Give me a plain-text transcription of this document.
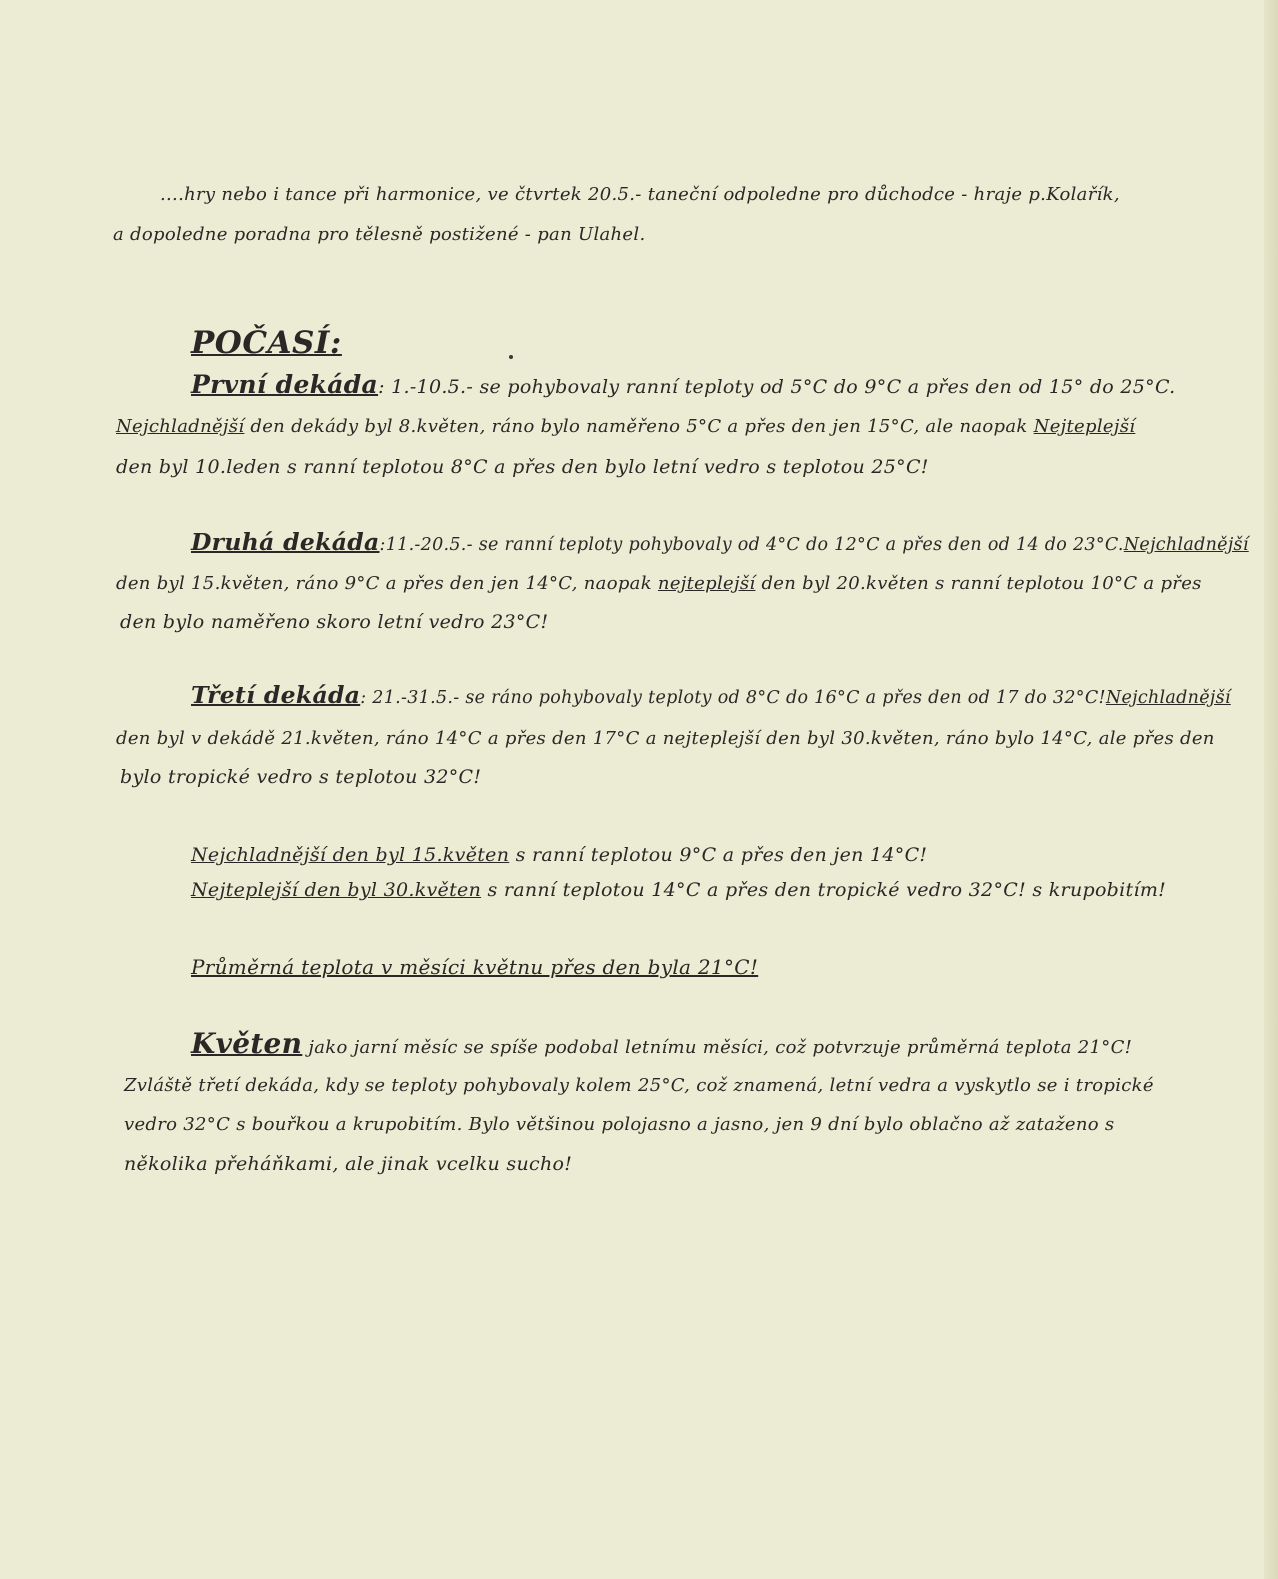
....hry nebo i tance při harmonice, ve čtvrtek 20.5.- taneční odpoledne pro důchodce - hraje p.Kolařík,
a dopoledne poradna pro tělesně postižené - pan Ulahel.
POČASÍ:
První dekáda: 1.-10.5.- se pohybovaly ranní teploty od 5°C do 9°C a přes den od 15° do 25°C.
Nejchladnější den dekády byl 8.květen, ráno bylo naměřeno 5°C a přes den jen 15°C, ale naopak Nejteplejší
den byl 10.leden s ranní teplotou 8°C a přes den bylo letní vedro s teplotou 25°C!
Druhá dekáda:11.-20.5.- se ranní teploty pohybovaly od 4°C do 12°C a přes den od 14 do 23°C.Nejchladnější
den byl 15.květen, ráno 9°C a přes den jen 14°C, naopak nejteplejší den byl 20.květen s ranní teplotou 10°C a přes
den bylo naměřeno skoro letní vedro 23°C!
Třetí dekáda: 21.-31.5.- se ráno pohybovaly teploty od 8°C do 16°C a přes den od 17 do 32°C!Nejchladnější
den byl v dekádě 21.květen, ráno 14°C a přes den 17°C a nejteplejší den byl 30.květen, ráno bylo 14°C, ale přes den
bylo tropické vedro s teplotou 32°C!
Nejchladnější den byl 15.květen s ranní teplotou 9°C a přes den jen 14°C!
Nejteplejší den byl 30.květen s ranní teplotou 14°C a přes den tropické vedro 32°C! s krupobitím!
Průměrná teplota v měsíci květnu přes den byla 21°C!
Květen jako jarní měsíc se spíše podobal letnímu měsíci, což potvrzuje průměrná teplota 21°C!
Zvláště třetí dekáda, kdy se teploty pohybovaly kolem 25°C, což znamená, letní vedra a vyskytlo se i tropické
vedro 32°C s bouřkou a krupobitím. Bylo většinou polojasno a jasno, jen 9 dní bylo oblačno až zataženo s
několika přeháňkami, ale jinak vcelku sucho!
